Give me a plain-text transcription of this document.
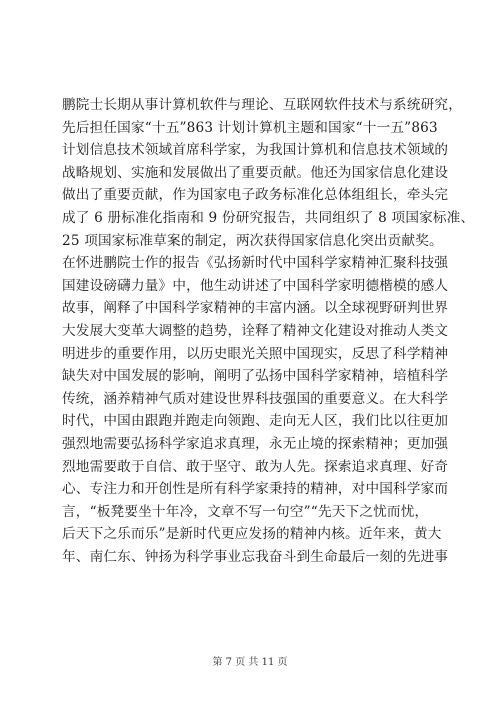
鹏院士长期从事计算机软件与理论、互联网软件技术与系统研究，
先后担任国家“十五”863 计划计算机主题和国家“十一五”863
计划信息技术领域首席科学家，为我国计算机和信息技术领域的
战略规划、实施和发展做出了重要贡献。他还为国家信息化建设
做出了重要贡献，作为国家电子政务标准化总体组组长，牵头完
成了 6 册标准化指南和 9 份研究报告，共同组织了 8 项国家标准、
25 项国家标准草案的制定，两次获得国家信息化突出贡献奖。
在怀进鹏院士作的报告《弘扬新时代中国科学家精神汇聚科技强
国建设磅礴力量》中，他生动讲述了中国科学家明德楷模的感人
故事，阐释了中国科学家精神的丰富内涵。以全球视野研判世界
大发展大变革大调整的趋势，诠释了精神文化建设对推动人类文
明进步的重要作用，以历史眼光关照中国现实，反思了科学精神
缺失对中国发展的影响，阐明了弘扬中国科学家精神，培植科学
传统，涵养精神气质对建设世界科技强国的重要意义。在大科学
时代，中国由跟跑并跑走向领跑、走向无人区，我们比以往更加
强烈地需要弘扬科学家追求真理，永无止境的探索精神；更加强
烈地需要敢于自信、敢于坚守、敢为人先。探索追求真理、好奇
心、专注力和开创性是所有科学家秉持的精神，对中国科学家而
言，“板凳要坐十年冷，文章不写一句空”“先天下之忧而忧，
后天下之乐而乐”是新时代更应发扬的精神内核。近年来，黄大
年、南仁东、钟扬为科学事业忘我奋斗到生命最后一刻的先进事
第 7 页 共 11 页
